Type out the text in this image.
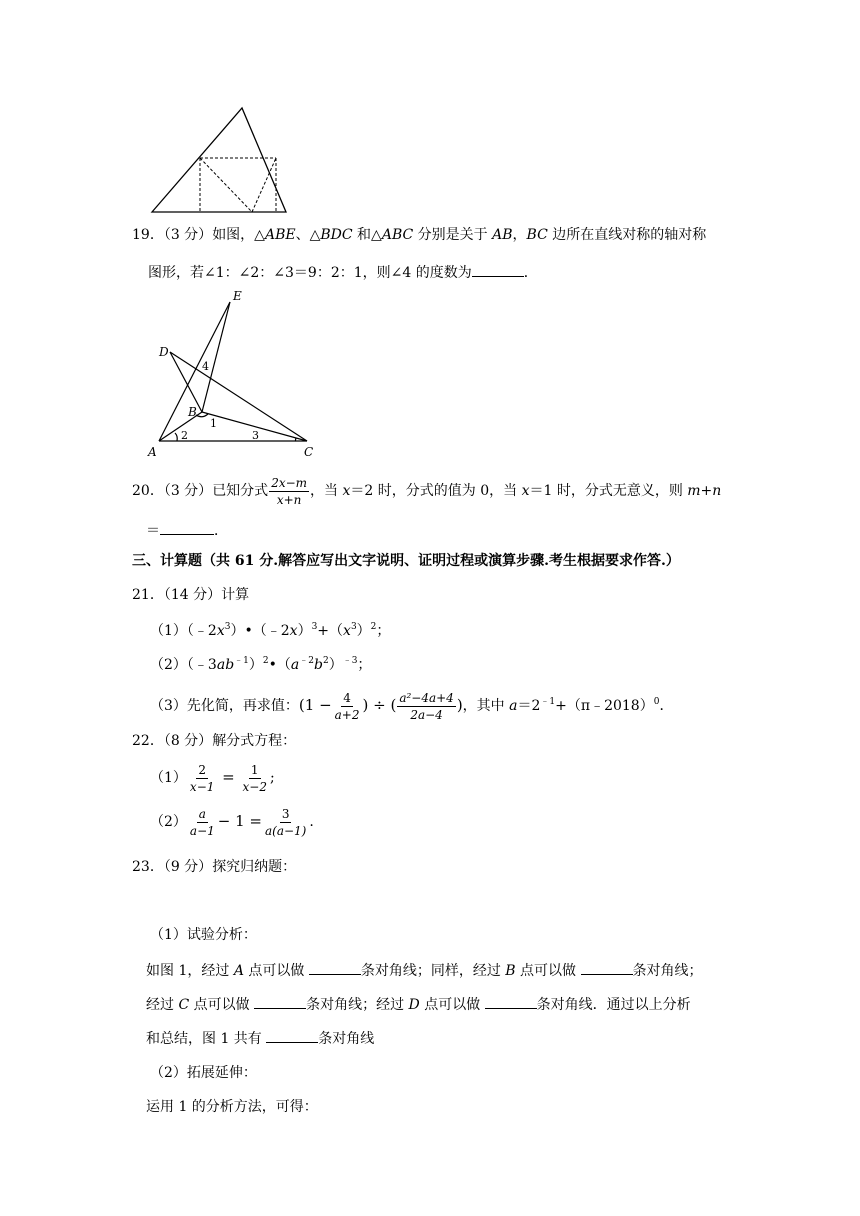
19．（3 分）如图，△ABE、△BDC 和△ABC 分别是关于 AB，BC 边所在直线对称的轴对称
图形，若∠1：∠2：∠3＝9：2：1，则∠4 的度数为	．
E
D
B
A	C
1
2	3
4
20．（3 分）已知分式 $\frac{2x-m}{x+n}$ ，当 x＝2 时，分式的值为 0，当 x＝1 时，分式无意义，则 m+n
＝	．
三、计算题（共 61 分.解答应写出文字说明、证明过程或演算步骤.考生根据要求作答.）
21．（14 分）计算
$(1)(﹣2x^3)•(﹣2x)^3+(x^3)^2$；
$(2)(﹣3ab^{﹣1})^2•(a^{﹣2}b^2)^{﹣3}$；
（3）先化简，再求值：($1 - \frac{4}{a+2}$ ) ÷ ( $\frac{\text{a²−4a+4}}{2a-4}$ )，其中 $a=2^{﹣1}+(\pi﹣2018)^0$．
22．（8 分）解分式方程：
$(1) \frac{2}{x-1} = \frac{1}{x-2}$ ;
$(2) \frac{a}{a-1} - 1 = \frac{3}{a(a-1)}$ .
23．（9 分）探究归纳题：
（1）试验分析：
如图 1，经过 A 点可以做	条对角线；同样，经过 B 点可以做	条对角线；
经过 C 点可以做	条对角线；经过 D 点可以做	条对角线．通过以上分析
和总结，图 1 共有	条对角线
（2）拓展延伸：
运用 1 的分析方法，可得：
